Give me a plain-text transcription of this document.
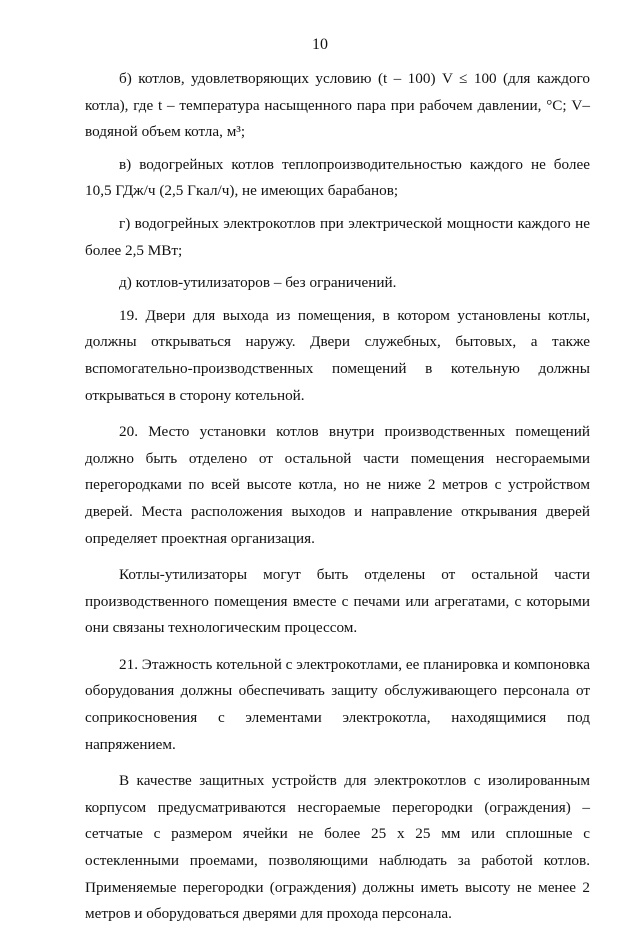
10

б) котлов, удовлетворяющих условию (t – 100) V ≤ 100 (для каждого котла), где t – температура насыщенного пара при рабочем давлении, °С; V– водяной объем котла, м³;

в) водогрейных котлов теплопроизводительностью каждого не более 10,5 ГДж/ч (2,5 Гкал/ч), не имеющих барабанов;

г) водогрейных электрокотлов при электрической мощности каждого не более 2,5 МВт;

д) котлов-утилизаторов – без ограничений.

19. Двери для выхода из помещения, в котором установлены котлы, должны открываться наружу. Двери служебных, бытовых, а также вспомогательно-производственных помещений в котельную должны открываться в сторону котельной.

20. Место установки котлов внутри производственных помещений должно быть отделено от остальной части помещения несгораемыми перегородками по всей высоте котла, но не ниже 2 метров с устройством дверей. Места расположения выходов и направление открывания дверей определяет проектная организация.

Котлы-утилизаторы могут быть отделены от остальной части производственного помещения вместе с печами или агрегатами, с которыми они связаны технологическим процессом.

21. Этажность котельной с электрокотлами, ее планировка и компоновка оборудования должны обеспечивать защиту обслуживающего персонала от соприкосновения с элементами электрокотла, находящимися под напряжением.

В качестве защитных устройств для электрокотлов с изолированным корпусом предусматриваются несгораемые перегородки (ограждения) – сетчатые с размером ячейки не более 25 x 25 мм или сплошные с остекленными проемами, позволяющими наблюдать за работой котлов. Применяемые перегородки (ограждения) должны иметь высоту не менее 2 метров и оборудоваться дверями для прохода персонала.
